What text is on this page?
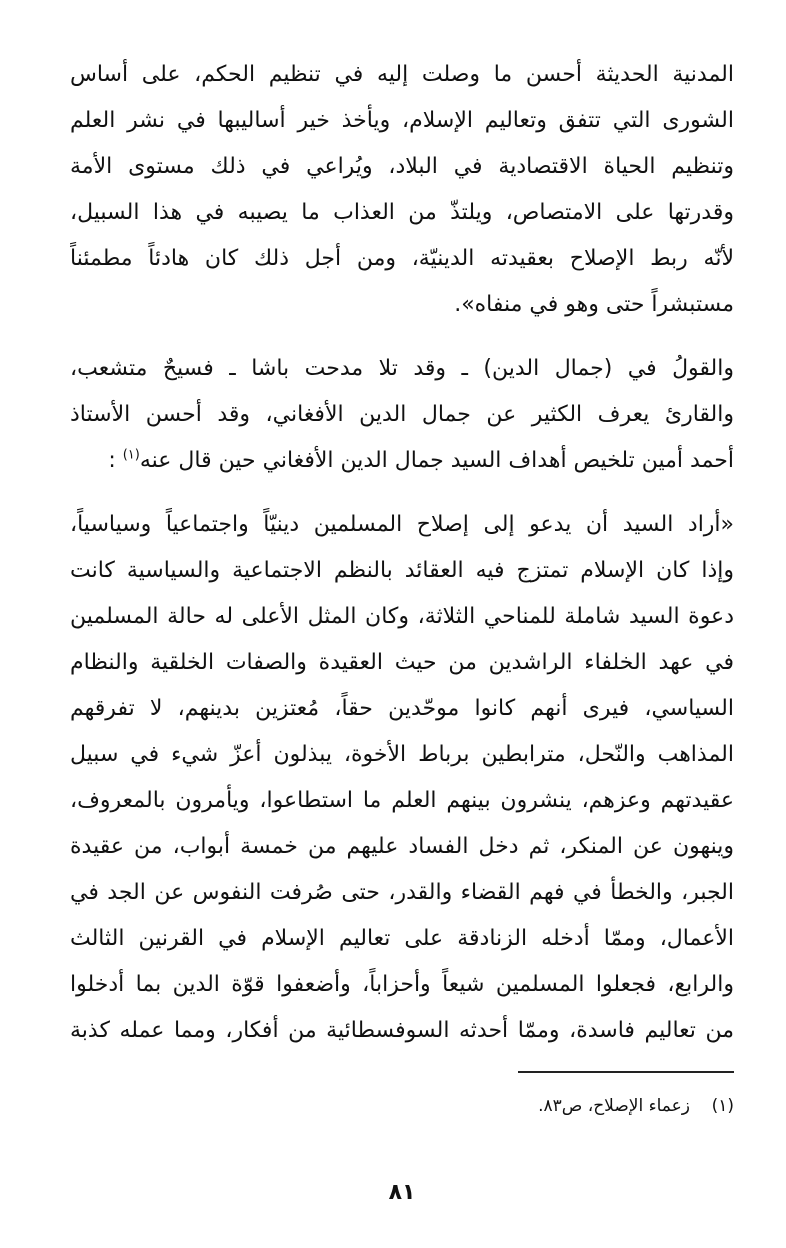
المدنية الحديثة أحسن ما وصلت إليه في تنظيم الحكم، على أساس
الشورى التي تتفق وتعاليم الإسلام، ويأخذ خير أساليبها في نشر العلم
وتنظيم الحياة الاقتصادية في البلاد، ويُراعي في ذلك مستوى الأمة
وقدرتها على الامتصاص، ويلتذّ من العذاب ما يصيبه في هذا السبيل،
لأنّه ربط الإصلاح بعقيدته الدينيّة، ومن أجل ذلك كان هادئاً مطمئناً
مستبشراً حتى وهو في منفاه».
والقولُ في (جمال الدين) ـ وقد تلا مدحت باشا ـ فسيحٌ متشعب،
والقارئ يعرف الكثير عن جمال الدين الأفغاني، وقد أحسن الأستاذ
أحمد أمين تلخيص أهداف السيد جمال الدين الأفغاني حين قال عنه$^{(١)}$ :
«أراد السيد أن يدعو إلى إصلاح المسلمين دينيّاً واجتماعياً وسياسياً،
وإذا كان الإسلام تمتزج فيه العقائد بالنظم الاجتماعية والسياسية كانت
دعوة السيد شاملة للمناحي الثلاثة، وكان المثل الأعلى له حالة المسلمين
في عهد الخلفاء الراشدين من حيث العقيدة والصفات الخلقية والنظام
السياسي، فيرى أنهم كانوا موحّدين حقاً، مُعتزين بدينهم، لا تفرقهم
المذاهب والنّحل، مترابطين برباط الأخوة، يبذلون أعزّ شيء في سبيل
عقيدتهم وعزهم، ينشرون بينهم العلم ما استطاعوا، ويأمرون بالمعروف،
وينهون عن المنكر، ثم دخل الفساد عليهم من خمسة أبواب، من عقيدة
الجبر، والخطأ في فهم القضاء والقدر، حتى صُرفت النفوس عن الجد في
الأعمال، وممّا أدخله الزنادقة على تعاليم الإسلام في القرنين الثالث
والرابع، فجعلوا المسلمين شيعاً وأحزاباً، وأضعفوا قوّة الدين بما أدخلوا
من تعاليم فاسدة، وممّا أحدثه السوفسطائية من أفكار، ومما عمله كذبة
(١)    زعماء الإصلاح، ص٨٣.
٨١
